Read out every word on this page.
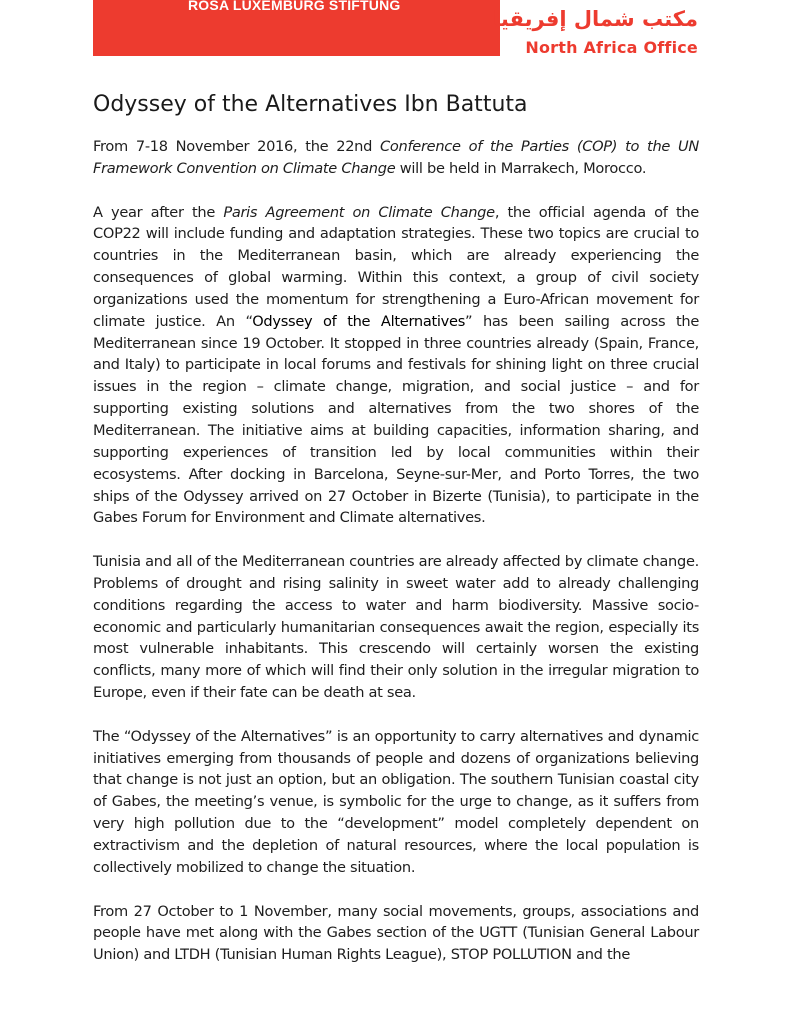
ROSA LUXEMBURG STIFTUNG
مكتب شمال إفريقيا
North Africa Office
Odyssey of the Alternatives Ibn Battuta

From 7-18 November 2016, the 22nd Conference of the Parties (COP) to the UN Framework Convention on Climate Change will be held in Marrakech, Morocco.

A year after the Paris Agreement on Climate Change, the official agenda of the COP22 will include funding and adaptation strategies. These two topics are crucial to countries in the Mediterranean basin, which are already experiencing the consequences of global warming. Within this context, a group of civil society organizations used the momentum for strengthening a Euro-African movement for climate justice. An “Odyssey of the Alternatives” has been sailing across the Mediterranean since 19 October. It stopped in three countries already (Spain, France, and Italy) to participate in local forums and festivals for shining light on three crucial issues in the region – climate change, migration, and social justice – and for supporting existing solutions and alternatives from the two shores of the Mediterranean. The initiative aims at building capacities, information sharing, and supporting experiences of transition led by local communities within their ecosystems. After docking in Barcelona, Seyne-sur-Mer, and Porto Torres, the two ships of the Odyssey arrived on 27 October in Bizerte (Tunisia), to participate in the Gabes Forum for Environment and Climate alternatives.

Tunisia and all of the Mediterranean countries are already affected by climate change. Problems of drought and rising salinity in sweet water add to already challenging conditions regarding the access to water and harm biodiversity. Massive socio-economic and particularly humanitarian consequences await the region, especially its most vulnerable inhabitants. This crescendo will certainly worsen the existing conflicts, many more of which will find their only solution in the irregular migration to Europe, even if their fate can be death at sea.

The “Odyssey of the Alternatives” is an opportunity to carry alternatives and dynamic initiatives emerging from thousands of people and dozens of organizations believing that change is not just an option, but an obligation. The southern Tunisian coastal city of Gabes, the meeting’s venue, is symbolic for the urge to change, as it suffers from very high pollution due to the “development” model completely dependent on extractivism and the depletion of natural resources, where the local population is collectively mobilized to change the situation.

From 27 October to 1 November, many social movements, groups, associations and people have met along with the Gabes section of the UGTT (Tunisian General Labour Union) and LTDH (Tunisian Human Rights League), STOP POLLUTION and the
